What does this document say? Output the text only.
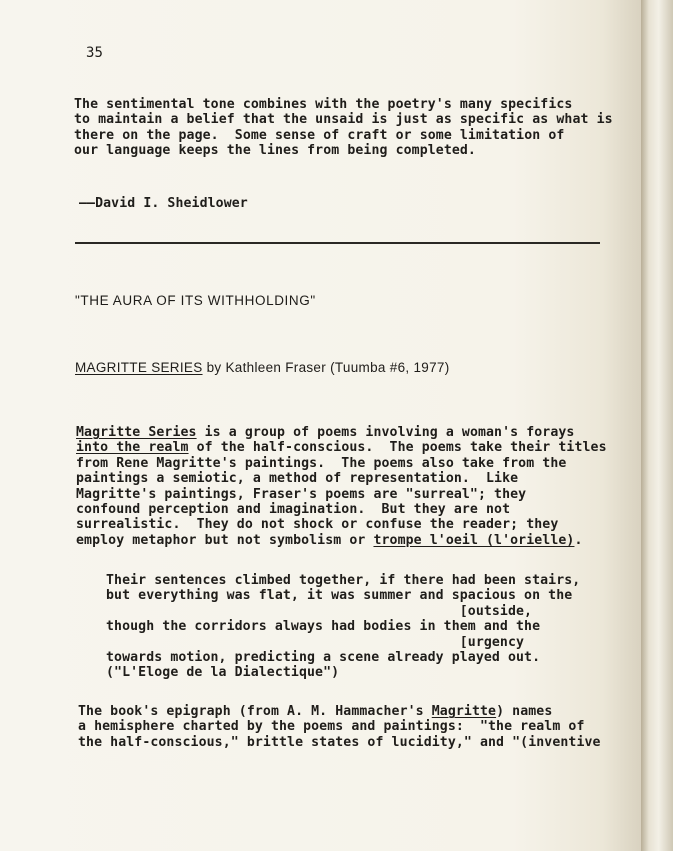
35
The sentimental tone combines with the poetry's many specifics
to maintain a belief that the unsaid is just as specific as what is
there on the page.  Some sense of craft or some limitation of
our language keeps the lines from being completed.
——David I. Sheidlower
"THE AURA OF ITS WITHHOLDING"
MAGRITTE SERIES by Kathleen Fraser (Tuumba #6, 1977)
Magritte Series is a group of poems involving a woman's forays
into the realm of the half-conscious.  The poems take their titles
from Rene Magritte's paintings.  The poems also take from the
paintings a semiotic, a method of representation.  Like
Magritte's paintings, Fraser's poems are "surreal"; they
confound perception and imagination.  But they are not
surrealistic.  They do not shock or confuse the reader; they
employ metaphor but not symbolism or trompe l'oeil (l'orielle).
Their sentences climbed together, if there had been stairs,
but everything was flat, it was summer and spacious on the
[outside,
though the corridors always had bodies in them and the
[urgency
towards motion, predicting a scene already played out.
("L'Eloge de la Dialectique")
The book's epigraph (from A. M. Hammacher's Magritte) names
a hemisphere charted by the poems and paintings:  "the realm of
the half-conscious," brittle states of lucidity," and "(inventive
